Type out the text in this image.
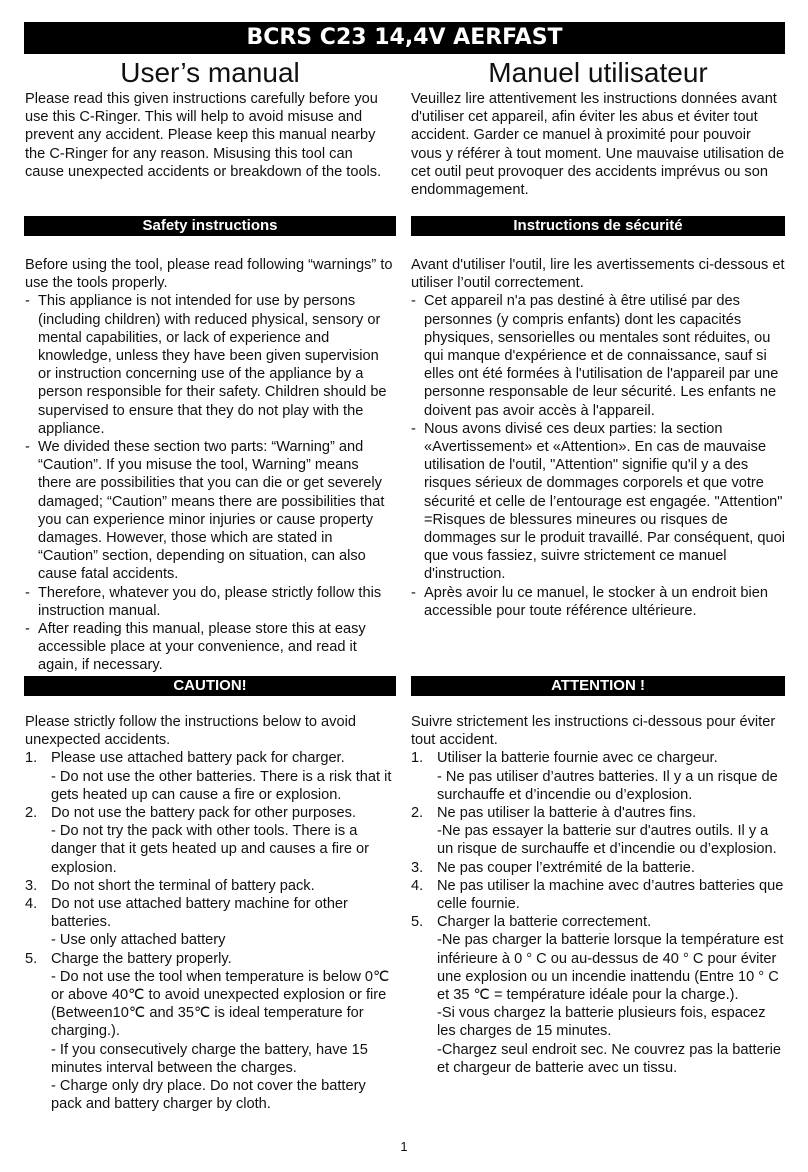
BCRS C23 14,4V AERFAST
User’s manual	Manuel utilisateur

Please read this given instructions carefully before you use this C-Ringer. This will help to avoid misuse and prevent any accident. Please keep this manual nearby the C-Ringer for any reason. Misusing this tool can cause unexpected accidents or breakdown of the tools.

Veuillez lire attentivement les instructions données avant d'utiliser cet appareil, afin éviter les abus et éviter tout accident. Garder ce manuel à proximité pour pouvoir vous y référer à tout moment. Une mauvaise utilisation de cet outil peut provoquer des accidents imprévus ou son endommagement.

Safety instructions	Instructions de sécurité

Before using the tool, please read following “warnings” to use the tools properly.

- This appliance is not intended for use by persons (including children) with reduced physical, sensory or mental capabilities, or lack of experience and knowledge, unless they have been given supervision or instruction concerning use of the appliance by a person responsible for their safety. Children should be supervised to ensure that they do not play with the appliance.

- We divided these section two parts: “Warning” and “Caution”. If you misuse the tool, Warning” means there are possibilities that you can die or get severely damaged; “Caution” means there are possibilities that you can experience minor injuries or cause property damages. However, those which are stated in “Caution” section, depending on situation, can also cause fatal accidents.

- Therefore, whatever you do, please strictly follow this instruction manual.

- After reading this manual, please store this at easy accessible place at your convenience, and read it again, if necessary.

Avant d'utiliser l'outil, lire les avertissements ci-dessous et utiliser l’outil correctement.

- Cet appareil n'a pas destiné à être utilisé par des personnes (y compris enfants) dont les capacités physiques, sensorielles ou mentales sont réduites, ou qui manque d'expérience et de connaissance, sauf si elles ont été formées à l'utilisation de l'appareil par une personne responsable de leur sécurité. Les enfants ne doivent pas avoir accès à l'appareil.

- Nous avons divisé ces deux parties: la section «Avertissement» et «Attention». En cas de mauvaise utilisation de l'outil, "Attention" signifie qu'il y a des risques sérieux de dommages corporels et que votre sécurité et celle de l’entourage est engagée. "Attention" =Risques de blessures mineures ou risques de dommages sur le produit travaillé. Par conséquent, quoi que vous fassiez, suivre strictement ce manuel d'instruction.

- Après avoir lu ce manuel, le stocker à un endroit bien accessible pour toute référence ultérieure.

CAUTION!	ATTENTION !

Please strictly follow the instructions below to avoid unexpected accidents.

1. Please use attached battery pack for charger.
- Do not use the other batteries. There is a risk that it gets heated up can cause a fire or explosion.
2. Do not use the battery pack for other purposes.
- Do not try the pack with other tools. There is a danger that it gets heated up and causes a fire or explosion.
3. Do not short the terminal of battery pack.
4. Do not use attached battery machine for other batteries.
- Use only attached battery
5. Charge the battery properly.
- Do not use the tool when temperature is below 0℃ or above 40℃ to avoid unexpected explosion or fire (Between10℃ and 35℃ is ideal temperature for charging.).
- If you consecutively charge the battery, have 15 minutes interval between the charges.
- Charge only dry place. Do not cover the battery pack and battery charger by cloth.

Suivre strictement les instructions ci-dessous pour éviter tout accident.

1. Utiliser la batterie fournie avec ce chargeur.
- Ne pas utiliser d’autres batteries. Il y a un risque de surchauffe et d’incendie ou d’explosion.
2. Ne pas utiliser la batterie à d'autres fins.
-Ne pas essayer la batterie sur d'autres outils. Il y a un risque de surchauffe et d’incendie ou d’explosion.
3. Ne pas couper l’extrémité de la batterie.
4. Ne pas utiliser la machine avec d’autres batteries que celle fournie.
5. Charger la batterie correctement.
-Ne pas charger la batterie lorsque la température est inférieure à 0 ° C ou au-dessus de 40 ° C pour éviter une explosion ou un incendie inattendu (Entre 10 ° C et 35 ℃ = température idéale pour la charge.).
-Si vous chargez la batterie plusieurs fois, espacez les charges de 15 minutes.
-Chargez seul endroit sec. Ne couvrez pas la batterie et chargeur de batterie avec un tissu.
1
